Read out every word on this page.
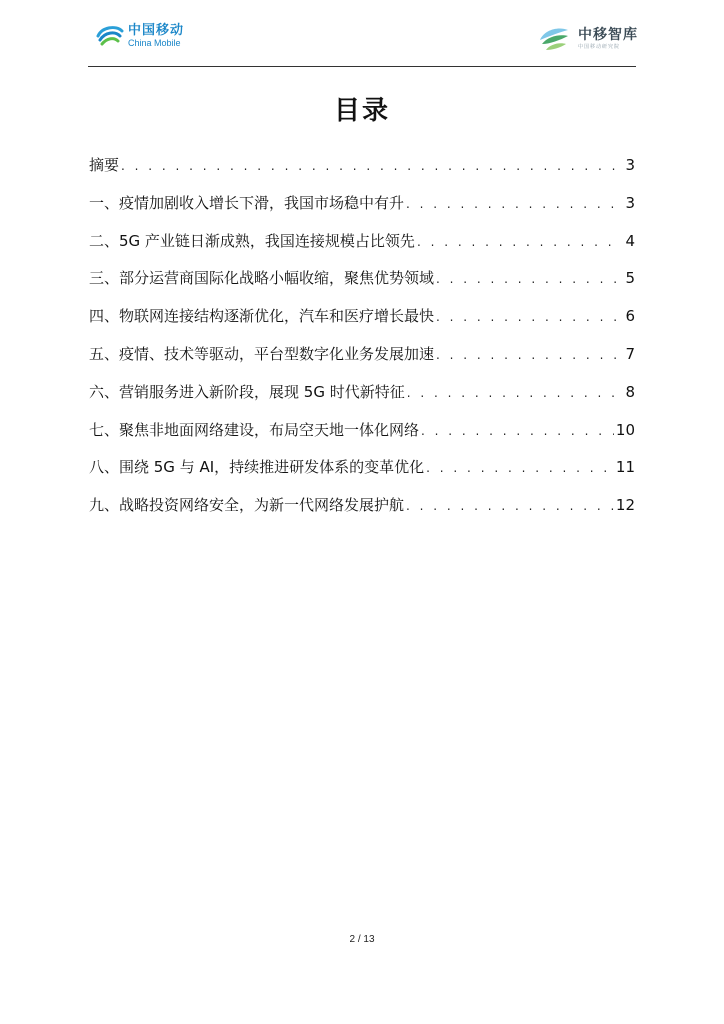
中国移动
China Mobile	中移智库
中国移动研究院
目录
摘要 . . .	3
一、疫情加剧收入增长下滑，我国市场稳中有升 . . .	3
二、5G 产业链日渐成熟，我国连接规模占比领先 . . .	4
三、部分运营商国际化战略小幅收缩，聚焦优势领域 . . .	5
四、物联网连接结构逐渐优化，汽车和医疗增长最快 . . .	6
五、疫情、技术等驱动，平台型数字化业务发展加速 . . .	7
六、营销服务进入新阶段，展现 5G 时代新特征 . . .	8
七、聚焦非地面网络建设，布局空天地一体化网络 . . .	10
八、围绕 5G 与 AI，持续推进研发体系的变革优化 . . .	11
九、战略投资网络安全，为新一代网络发展护航 . . .	12
2 / 13
